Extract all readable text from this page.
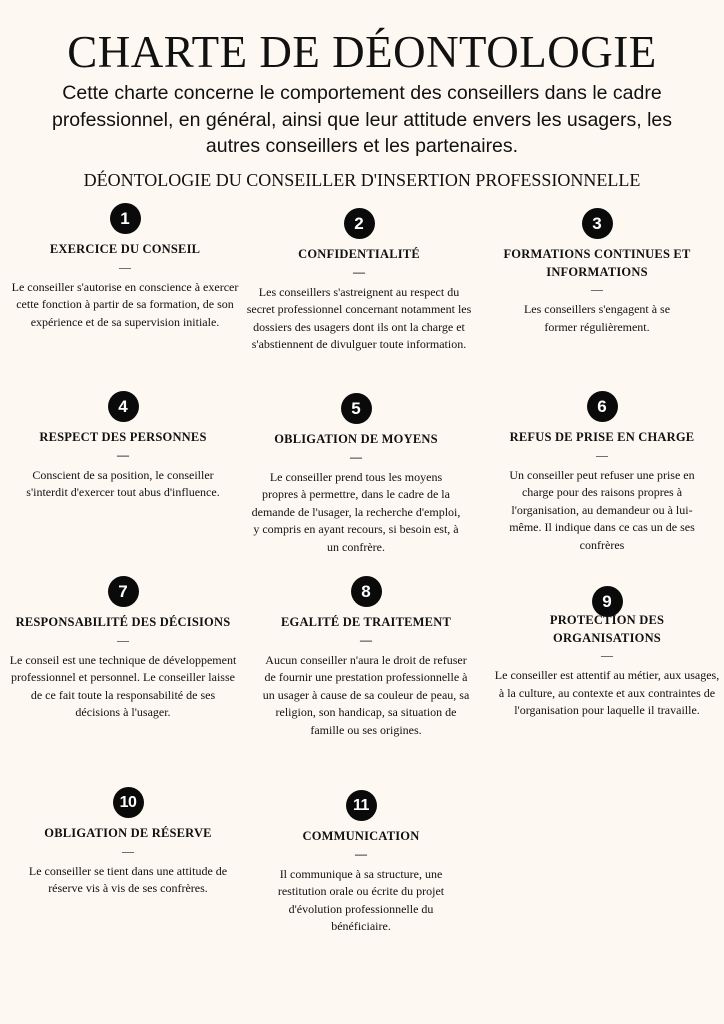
CHARTE DE DÉONTOLOGIE

Cette charte concerne le comportement des conseillers dans le cadre professionnel, en général, ainsi que leur attitude envers les usagers, les autres conseillers et les partenaires.

DÉONTOLOGIE DU CONSEILLER D'INSERTION PROFESSIONNELLE
1
EXERCICE DU CONSEIL
—
Le conseiller s'autorise en conscience à exercer cette fonction à partir de sa formation, de son expérience et de sa supervision initiale.
2
CONFIDENTIALITÉ
—
Les conseillers s'astreignent au respect du secret professionnel concernant notamment les dossiers des usagers dont ils ont la charge et s'abstiennent de divulguer toute information.
3
FORMATIONS CONTINUES ET INFORMATIONS
—
Les conseillers s'engagent à se former régulièrement.
4
RESPECT DES PERSONNES
—
Conscient de sa position, le conseiller s'interdit d'exercer tout abus d'influence.
5
OBLIGATION DE MOYENS
—
Le conseiller prend tous les moyens propres à permettre, dans le cadre de la demande de l'usager, la recherche d'emploi, y compris en ayant recours, si besoin est, à un confrère.
6
REFUS DE PRISE EN CHARGE
—
Un conseiller peut refuser une prise en charge pour des raisons propres à l'organisation, au demandeur ou à lui-même. Il indique dans ce cas un de ses confrères
7
RESPONSABILITÉ DES DÉCISIONS
—
Le conseil est une technique de développement professionnel et personnel. Le conseiller laisse de ce fait toute la responsabilité de ses décisions à l'usager.
8
EGALITÉ DE TRAITEMENT
—
Aucun conseiller n'aura le droit de refuser de fournir une prestation professionnelle à un usager à cause de sa couleur de peau, sa religion, son handicap, sa situation de famille ou ses origines.
9
PROTECTION DES ORGANISATIONS
—
Le conseiller est attentif au métier, aux usages, à la culture, au contexte et aux contraintes de l'organisation pour laquelle il travaille.
10
OBLIGATION DE RÉSERVE
—
Le conseiller se tient dans une attitude de réserve vis à vis de ses confrères.
11
COMMUNICATION
—
Il communique à sa structure, une restitution orale ou écrite du projet d'évolution professionnelle du bénéficiaire.
